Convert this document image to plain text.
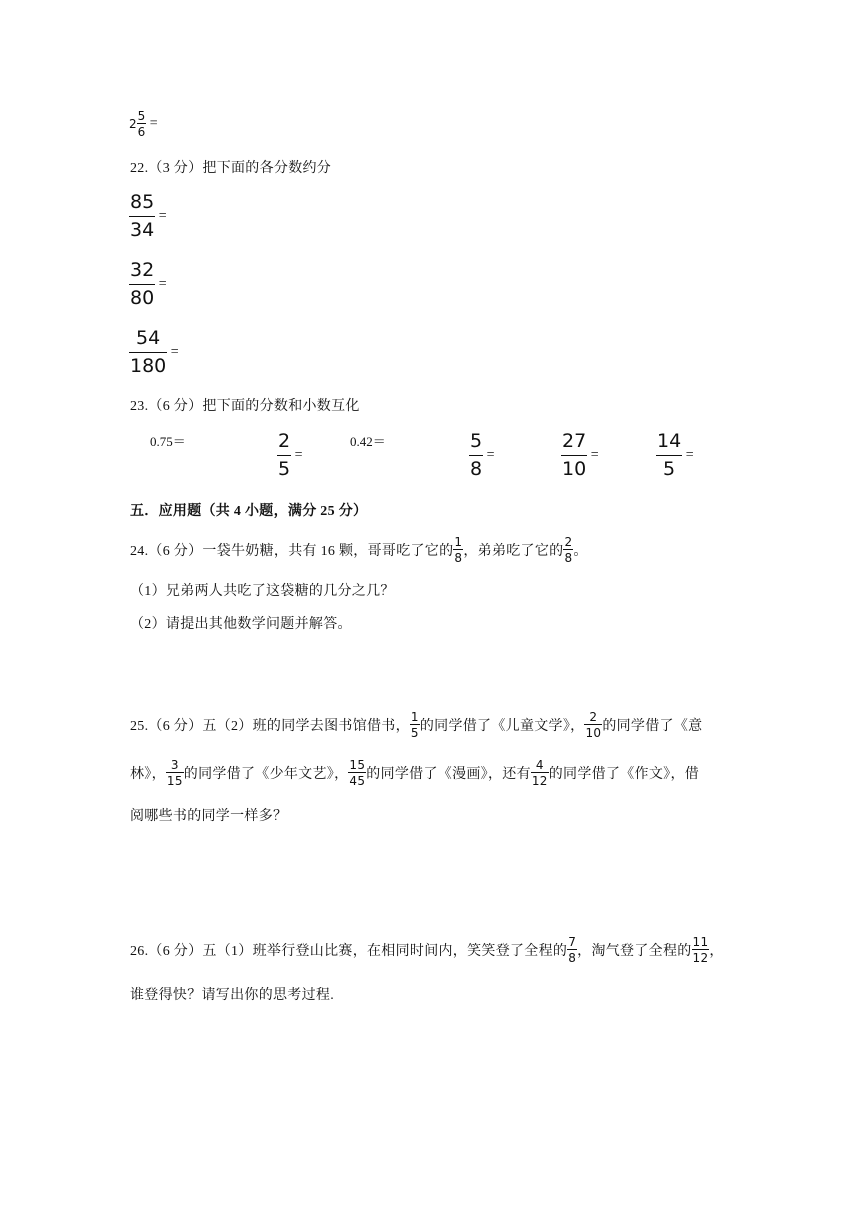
$2 \frac{5}{6}$ =
22.（3 分）把下面的各分数约分
$\frac{85}{34}$ =
$\frac{32}{80}$ =
$\frac{54}{180}$ =
23.（6 分）把下面的分数和小数互化
0.75＝	$\frac{2}{5}$ =
0.42＝	$\frac{5}{8}$ =	$\frac{27}{10}$ =	$\frac{14}{5}$ =
五．应用题（共 4 小题，满分 25 分）
24.（6 分）一袋牛奶糖，共有 16 颗，哥哥吃了它的 $\frac{1}{8}$ ，弟弟吃了它的 $\frac{2}{8}$ 。
（1）兄弟两人共吃了这袋糖的几分之几？
（2）请提出其他数学问题并解答。
25.（6 分）五（2）班的同学去图书馆借书， $\frac{1}{5}$ 的同学借了《儿童文学》， $\frac{2}{10}$ 的同学借了《意
林》， $\frac{3}{15}$ 的同学借了《少年文艺》， $\frac{15}{45}$ 的同学借了《漫画》，还有 $\frac{4}{12}$ 的同学借了《作文》，借
阅哪些书的同学一样多？
26.（6 分）五（1）班举行登山比赛，在相同时间内，笑笑登了全程的 $\frac{7}{8}$ ，淘气登了全程的 $\frac{11}{12}$ ，
谁登得快？请写出你的思考过程.
